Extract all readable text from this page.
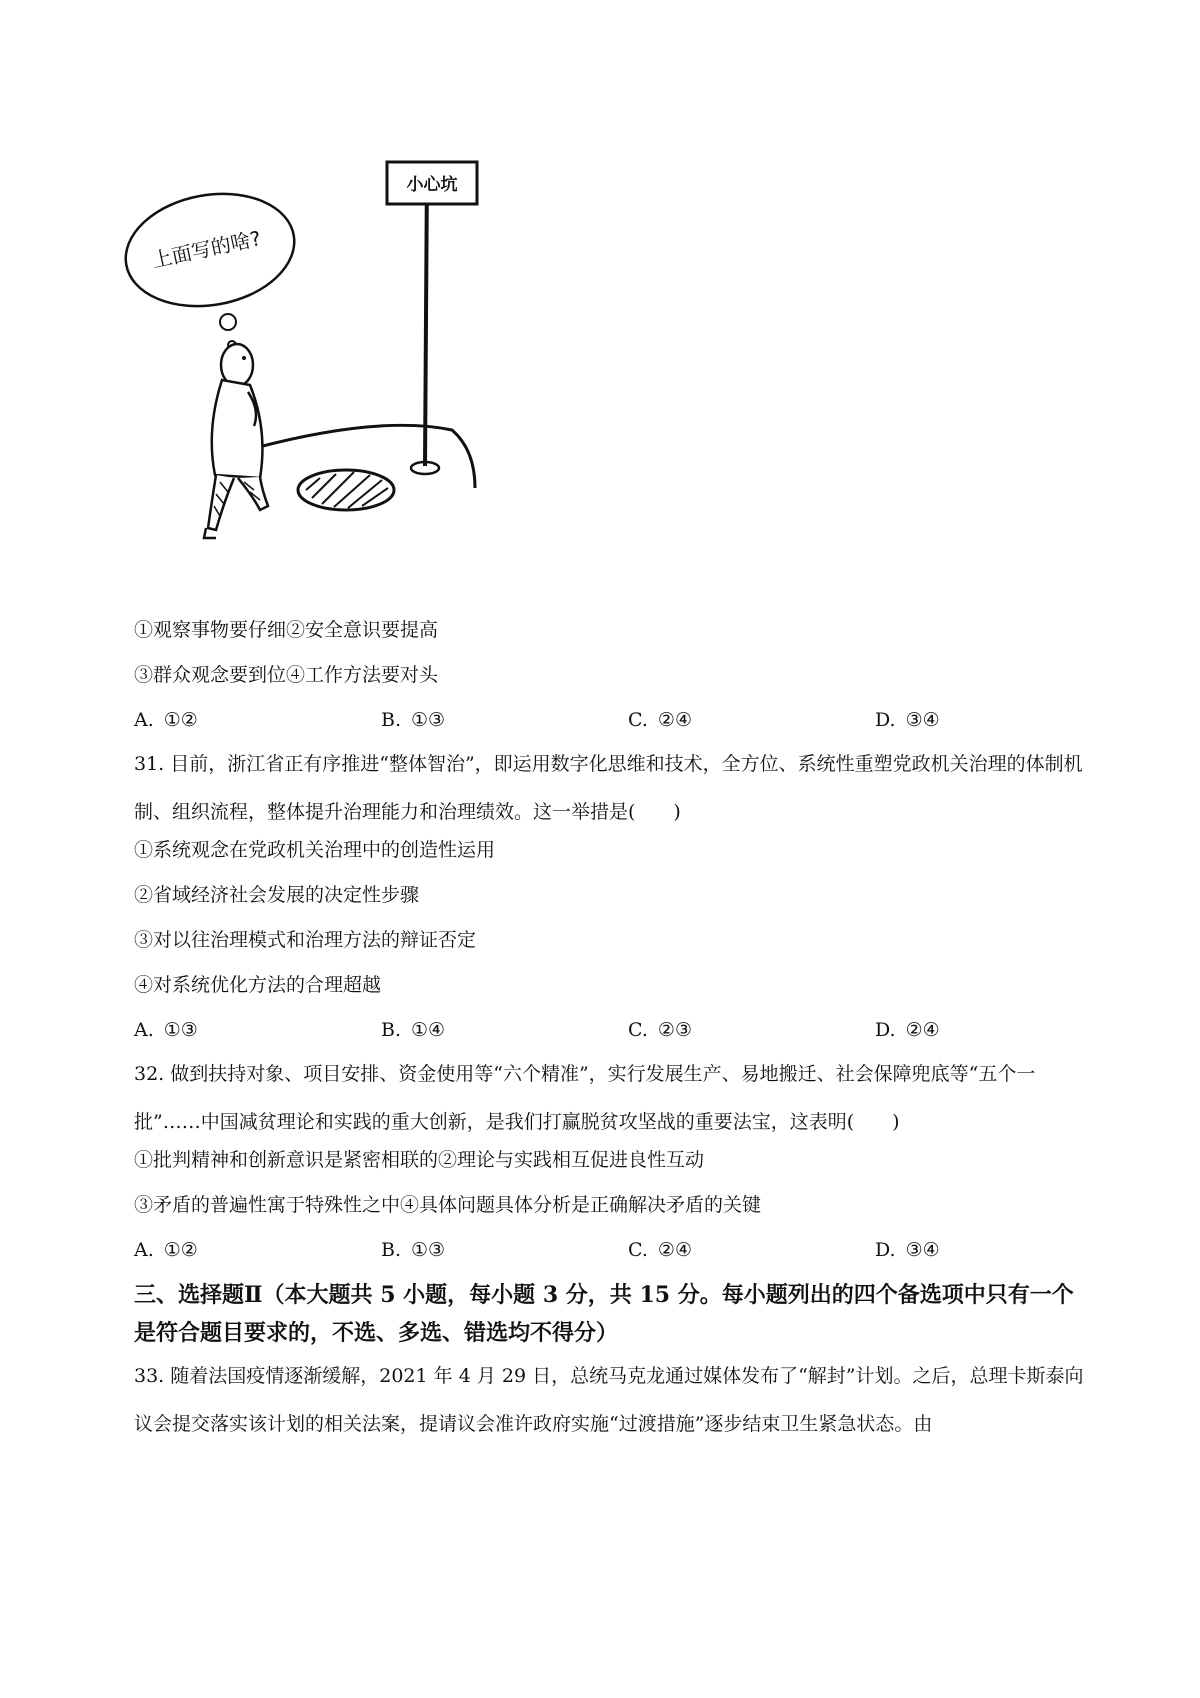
小心坑
上面写的啥?
①观察事物要仔细②安全意识要提高
③群众观念要到位④工作方法要对头
A. ①②	B. ①③	C. ②④	D. ③④
31. 目前，浙江省正有序推进“整体智治”，即运用数字化思维和技术，全方位、系统性重塑党政机关治理的体制机制、组织流程，整体提升治理能力和治理绩效。这一举措是(　　)
①系统观念在党政机关治理中的创造性运用
②省域经济社会发展的决定性步骤
③对以往治理模式和治理方法的辩证否定
④对系统优化方法的合理超越
A. ①③	B. ①④	C. ②③	D. ②④
32. 做到扶持对象、项目安排、资金使用等“六个精准”，实行发展生产、易地搬迁、社会保障兜底等“五个一批”……中国减贫理论和实践的重大创新，是我们打赢脱贫攻坚战的重要法宝，这表明(　　)
①批判精神和创新意识是紧密相联的②理论与实践相互促进良性互动
③矛盾的普遍性寓于特殊性之中④具体问题具体分析是正确解决矛盾的关键
A. ①②	B. ①③	C. ②④	D. ③④
三、选择题Ⅱ（本大题共 5 小题，每小题 3 分，共 15 分。每小题列出的四个备选项中只有一个是符合题目要求的，不选、多选、错选均不得分）
33. 随着法国疫情逐渐缓解，2021 年 4 月 29 日，总统马克龙通过媒体发布了“解封”计划。之后，总理卡斯泰向议会提交落实该计划的相关法案，提请议会准许政府实施“过渡措施”逐步结束卫生紧急状态。由
